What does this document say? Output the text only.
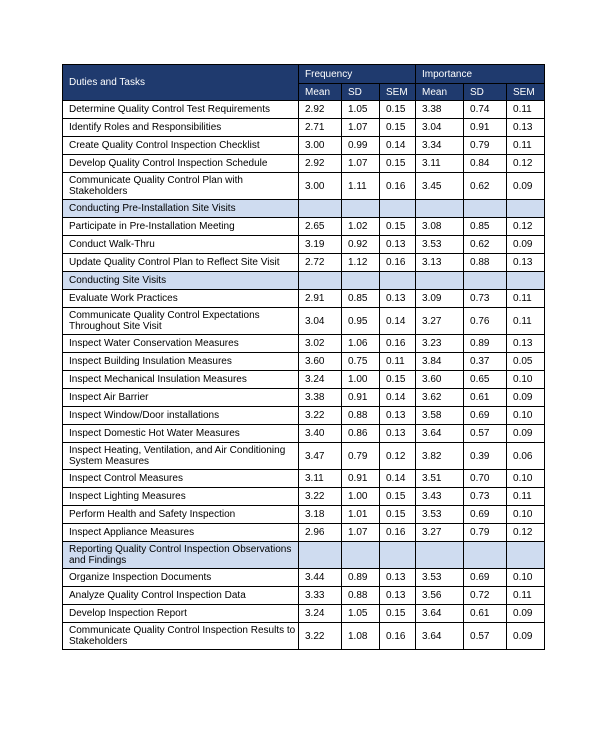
Duties and Tasks	Frequency			Importance		
	Mean	SD	SEM	Mean	SD	SEM
Determine Quality Control Test Requirements	2.92	1.05	0.15	3.38	0.74	0.11
Identify Roles and Responsibilities	2.71	1.07	0.15	3.04	0.91	0.13
Create Quality Control Inspection Checklist	3.00	0.99	0.14	3.34	0.79	0.11
Develop Quality Control Inspection Schedule	2.92	1.07	0.15	3.11	0.84	0.12
Communicate Quality Control Plan with Stakeholders	3.00	1.11	0.16	3.45	0.62	0.09
Conducting Pre-Installation Site Visits						
Participate in Pre-Installation Meeting	2.65	1.02	0.15	3.08	0.85	0.12
Conduct Walk-Thru	3.19	0.92	0.13	3.53	0.62	0.09
Update Quality Control Plan to Reflect Site Visit	2.72	1.12	0.16	3.13	0.88	0.13
Conducting Site Visits						
Evaluate Work Practices	2.91	0.85	0.13	3.09	0.73	0.11
Communicate Quality Control Expectations Throughout Site Visit	3.04	0.95	0.14	3.27	0.76	0.11
Inspect Water Conservation Measures	3.02	1.06	0.16	3.23	0.89	0.13
Inspect Building Insulation Measures	3.60	0.75	0.11	3.84	0.37	0.05
Inspect Mechanical Insulation Measures	3.24	1.00	0.15	3.60	0.65	0.10
Inspect Air Barrier	3.38	0.91	0.14	3.62	0.61	0.09
Inspect Window/Door installations	3.22	0.88	0.13	3.58	0.69	0.10
Inspect Domestic Hot Water Measures	3.40	0.86	0.13	3.64	0.57	0.09
Inspect Heating, Ventilation, and Air Conditioning System Measures	3.47	0.79	0.12	3.82	0.39	0.06
Inspect Control Measures	3.11	0.91	0.14	3.51	0.70	0.10
Inspect Lighting Measures	3.22	1.00	0.15	3.43	0.73	0.11
Perform Health and Safety Inspection	3.18	1.01	0.15	3.53	0.69	0.10
Inspect Appliance Measures	2.96	1.07	0.16	3.27	0.79	0.12
Reporting Quality Control Inspection Observations and Findings						
Organize Inspection Documents	3.44	0.89	0.13	3.53	0.69	0.10
Analyze Quality Control Inspection Data	3.33	0.88	0.13	3.56	0.72	0.11
Develop Inspection Report	3.24	1.05	0.15	3.64	0.61	0.09
Communicate Quality Control Inspection Results to Stakeholders	3.22	1.08	0.16	3.64	0.57	0.09
